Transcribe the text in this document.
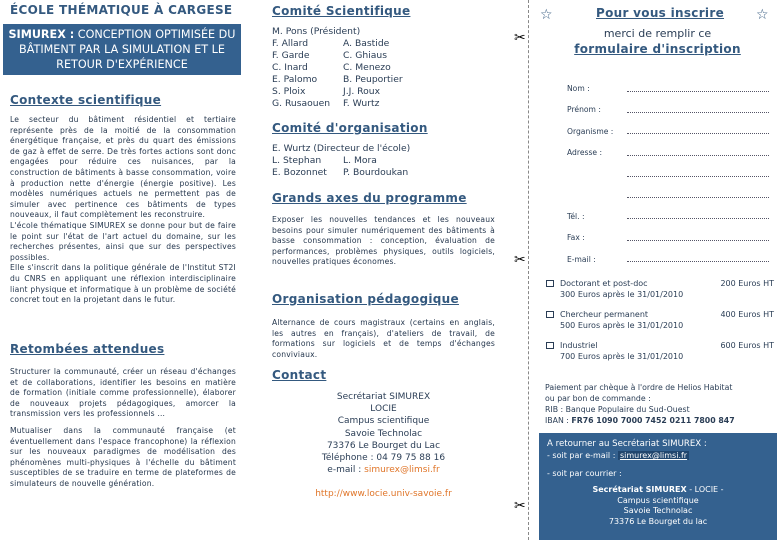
ÉCOLE THÉMATIQUE À CARGESE
SIMUREX : CONCEPTION OPTIMISÉE DU BÂTIMENT PAR LA SIMULATION ET LE RETOUR D'EXPÉRIENCE
Contexte scientifique

Le secteur du bâtiment résidentiel et tertiaire représente près de la moitié de la consommation énergétique française, et près du quart des émissions de gaz à effet de serre. De très fortes actions sont donc engagées pour réduire ces nuisances, par la construction de bâtiments à basse consommation, voire à production nette d'énergie (énergie positive). Les modèles numériques actuels ne permettent pas de simuler avec pertinence ces bâtiments de types nouveaux, il faut complètement les reconstruire.

L'école thématique SIMUREX se donne pour but de faire le point sur l'état de l'art actuel du domaine, sur les recherches présentes, ainsi que sur des perspectives possibles.

Elle s'inscrit dans la politique générale de l'Institut ST2I du CNRS en appliquant une réflexion interdisciplinaire liant physique et informatique à un problème de société concret tout en la projetant dans le futur.

Retombées attendues

Structurer la communauté, créer un réseau d'échanges et de collaborations, identifier les besoins en matière de formation (initiale comme professionnelle), élaborer de nouveaux projets pédagogiques, amorcer la transmission vers les professionnels …

Mutualiser dans la communauté française (et éventuellement dans l'espace francophone) la réflexion sur les nouveaux paradigmes de modélisation des phénomènes multi-physiques à l'échelle du bâtiment susceptibles de se traduire en terme de plateformes de simulateurs de nouvelle génération.

Comité Scientifique
M. Pons (Président)
F. Allard	A. Bastide
F. Garde	C. Ghiaus
C. Inard	C. Menezo
E. Palomo	B. Peuportier
S. Ploix	J.J. Roux
G. Rusaouen	F. Wurtz
Comité d'organisation
E. Wurtz (Directeur de l'école)
L. Stephan	L. Mora
E. Bozonnet	P. Bourdoukan
Grands axes du programme

Exposer les nouvelles tendances et les nouveaux besoins pour simuler numériquement des bâtiments à basse consommation : conception, évaluation de performances, problèmes physiques, outils logiciels, nouvelles pratiques économes.

Organisation pédagogique

Alternance de cours magistraux (certains en anglais, les autres en français), d'ateliers de travail, de formations sur logiciels et de temps d'échanges conviviaux.

Contact
Secrétariat SIMUREX
LOCIE
Campus scientifique
Savoie Technolac
73376 Le Bourget du Lac
Téléphone : 04 79 75 88 16
e-mail : simurex@limsi.fr
http://www.locie.univ-savoie.fr
✂
✂
✂
☆	☆
Pour vous inscrire
merci de remplir ce
formulaire d'inscription
Nom :
Prénom :
Organisme :
Adresse :
Tél. :
Fax :
E-mail :
Doctorant et post-doc	200 Euros HT
300 Euros après le 31/01/2010
Chercheur permanent	400 Euros HT
500 Euros après le 31/01/2010
Industriel	600 Euros HT
700 Euros après le 31/01/2010
Paiement par chèque à l'ordre de Helios Habitat
ou par bon de commande :
RIB : Banque Populaire du Sud-Ouest
IBAN : FR76 1090 7000 7452 0211 7800 847
A retourner au Secrétariat SIMUREX :
- soit par e-mail : simurex@limsi.fr
- soit par courrier :
Secrétariat SIMUREX - LOCIE -
Campus scientifique
Savoie Technolac
73376 Le Bourget du lac
